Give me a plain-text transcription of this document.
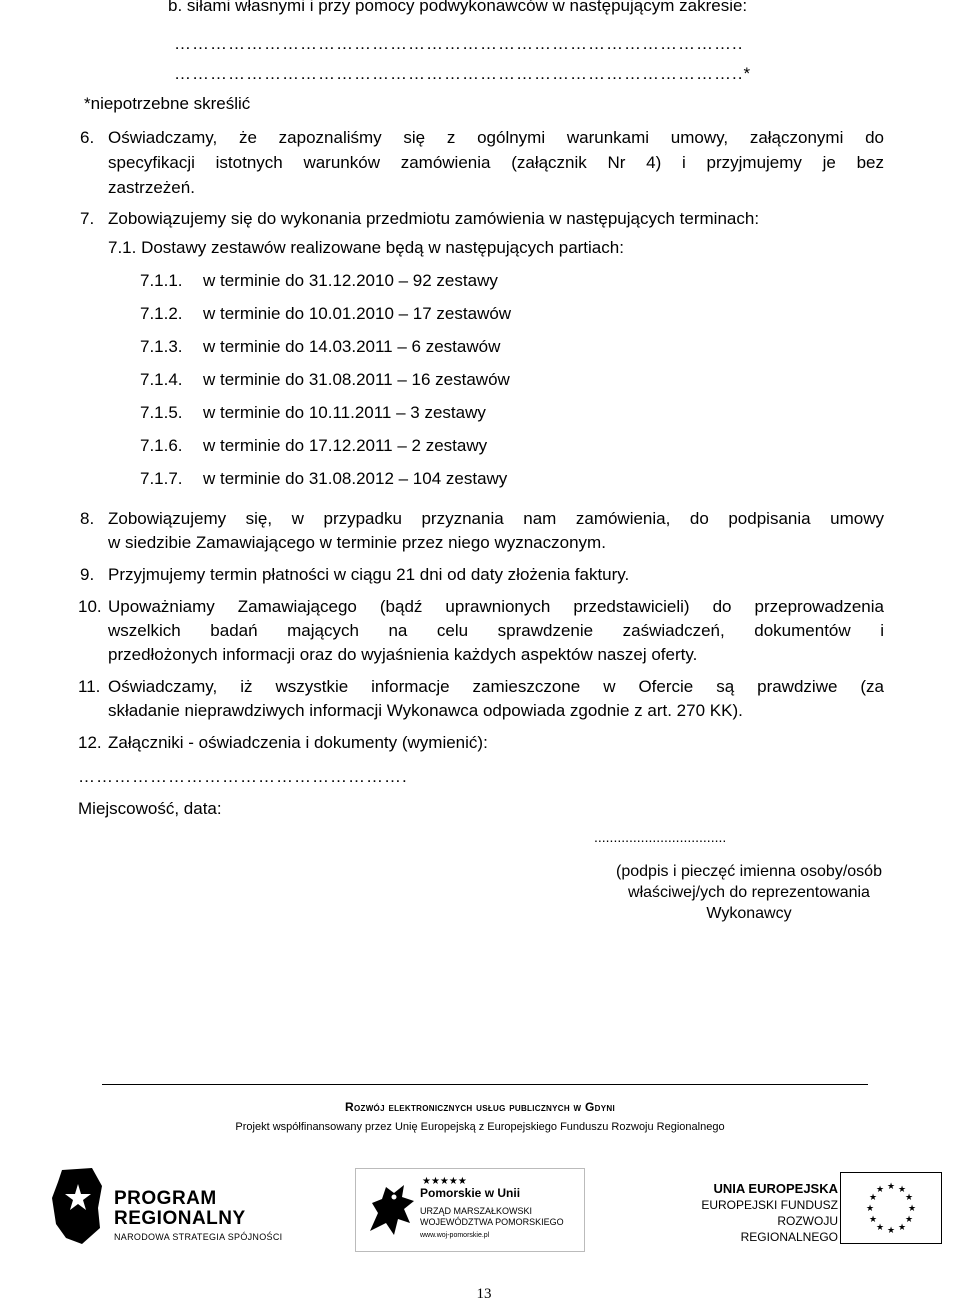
b. siłami własnymi i przy pomocy podwykonawców w następującym zakresie:
…………………………………………………………………………………..
…………………………………………………………………………………..*
*niepotrzebne skreślić
6. Oświadczamy, że zapoznaliśmy się z ogólnymi warunkami umowy, załączonymi do
specyfikacji istotnych warunków zamówienia (załącznik Nr 4) i przyjmujemy je bez
zastrzeżeń.
7. Zobowiązujemy się do wykonania przedmiotu zamówienia w następujących terminach:
7.1. Dostawy zestawów realizowane będą w następujących partiach:
7.1.1. w terminie do 31.12.2010 – 92 zestawy
7.1.2. w terminie do 10.01.2010 – 17 zestawów
7.1.3. w terminie do 14.03.2011 – 6 zestawów
7.1.4. w terminie do 31.08.2011 – 16 zestawów
7.1.5. w terminie do 10.11.2011 – 3 zestawy
7.1.6. w terminie do 17.12.2011 – 2 zestawy
7.1.7. w terminie do 31.08.2012 – 104 zestawy
8. Zobowiązujemy się, w przypadku przyznania nam zamówienia, do podpisania umowy
w siedzibie Zamawiającego w terminie przez niego wyznaczonym.
9. Przyjmujemy termin płatności w ciągu 21 dni od daty złożenia faktury.
10. Upoważniamy Zamawiającego (bądź uprawnionych przedstawicieli) do przeprowadzenia
wszelkich badań mających na celu sprawdzenie zaświadczeń, dokumentów i
przedłożonych informacji oraz do wyjaśnienia każdych aspektów naszej oferty.
11. Oświadczamy, iż wszystkie informacje zamieszczone w Ofercie są prawdziwe (za
składanie nieprawdziwych informacji Wykonawca odpowiada zgodnie z art. 270 KK).
12. Załączniki - oświadczenia i dokumenty (wymienić):
……………………………………………….
Miejscowość, data:
..................................
(podpis i pieczęć imienna osoby/osób
właściwej/ych do reprezentowania
Wykonawcy
Rozwój elektronicznych usług publicznych w Gdyni
Projekt współfinansowany przez Unię Europejską z Europejskiego Funduszu Rozwoju Regionalnego
PROGRAM
REGIONALNY
NARODOWA STRATEGIA SPÓJNOŚCI
★★★★★
Pomorskie w Unii
URZĄD MARSZAŁKOWSKI
WOJEWÓDZTWA POMORSKIEGO
www.woj-pomorskie.pl
UNIA EUROPEJSKA
EUROPEJSKI FUNDUSZ
ROZWOJU REGIONALNEGO
★ ★
★
★
★
★
★
★
★
★
★
★
13
